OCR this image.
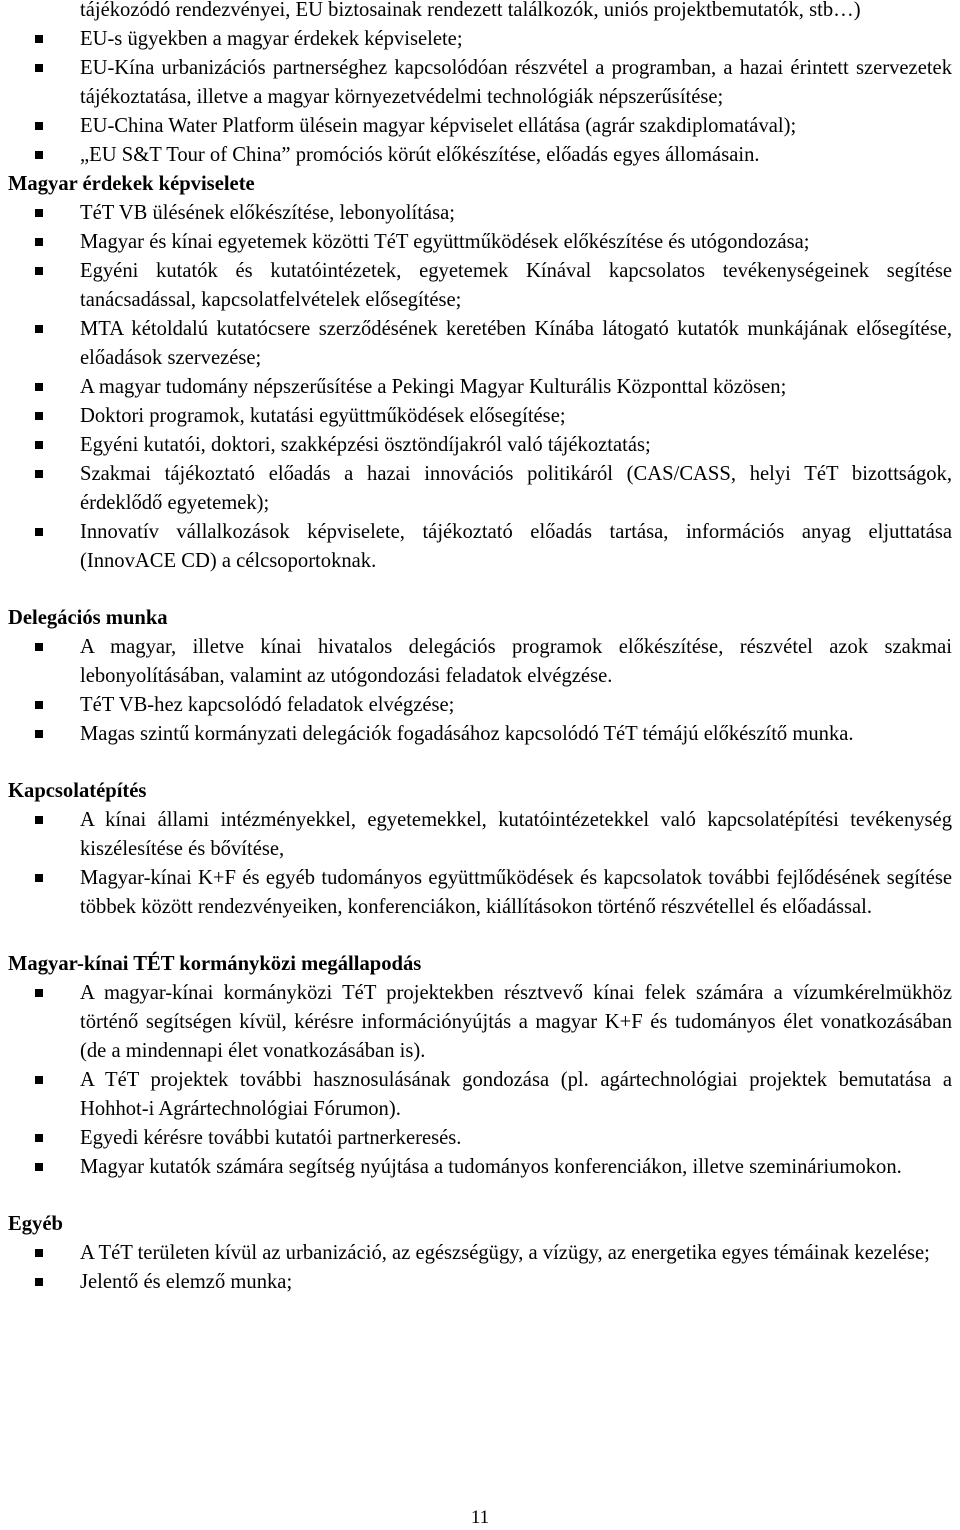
tájékozódó rendezvényei, EU biztosainak rendezett találkozók, uniós projektbemutatók, stb…)
EU-s ügyekben a magyar érdekek képviselete;
EU-Kína urbanizációs partnerséghez kapcsolódóan részvétel a programban, a hazai érintett szervezetek tájékoztatása, illetve a magyar környezetvédelmi technológiák népszerűsítése;
EU-China Water Platform ülésein magyar képviselet ellátása (agrár szakdiplomatával);
„EU S&T Tour of China” promóciós körút előkészítése, előadás egyes állomásain.
Magyar érdekek képviselete
TéT VB ülésének előkészítése, lebonyolítása;
Magyar és kínai egyetemek közötti TéT együttműködések előkészítése és utógondozása;
Egyéni kutatók és kutatóintézetek, egyetemek Kínával kapcsolatos tevékenységeinek segítése tanácsadással, kapcsolatfelvételek elősegítése;
MTA kétoldalú kutatócsere szerződésének keretében Kínába látogató kutatók munkájának elősegítése, előadások szervezése;
A magyar tudomány népszerűsítése a Pekingi Magyar Kulturális Központtal közösen;
Doktori programok, kutatási együttműködések elősegítése;
Egyéni kutatói, doktori, szakképzési ösztöndíjakról való tájékoztatás;
Szakmai tájékoztató előadás a hazai innovációs politikáról (CAS/CASS, helyi TéT bizottságok, érdeklődő egyetemek);
Innovatív vállalkozások képviselete, tájékoztató előadás tartása, információs anyag eljuttatása (InnovACE CD) a célcsoportoknak.
Delegációs munka
A magyar, illetve kínai hivatalos delegációs programok előkészítése, részvétel azok szakmai lebonyolításában, valamint az utógondozási feladatok elvégzése.
TéT VB-hez kapcsolódó feladatok elvégzése;
Magas szintű kormányzati delegációk fogadásához kapcsolódó TéT témájú előkészítő munka.
Kapcsolatépítés
A kínai állami intézményekkel, egyetemekkel, kutatóintézetekkel való kapcsolatépítési tevékenység kiszélesítése és bővítése,
Magyar-kínai K+F és egyéb tudományos együttműködések és kapcsolatok további fejlődésének segítése többek között rendezvényeiken, konferenciákon, kiállításokon történő részvétellel és előadással.
Magyar-kínai TÉT kormányközi megállapodás
A magyar-kínai kormányközi TéT projektekben résztvevő kínai felek számára a vízumkérelmükhöz történő segítségen kívül, kérésre információnyújtás a magyar K+F és tudományos élet vonatkozásában (de a mindennapi élet vonatkozásában is).
A TéT projektek további hasznosulásának gondozása (pl. agártechnológiai projektek bemutatása a Hohhot-i Agrártechnológiai Fórumon).
Egyedi kérésre további kutatói partnerkeresés.
Magyar kutatók számára segítség nyújtása a tudományos konferenciákon, illetve szemináriumokon.
Egyéb
A TéT területen kívül az urbanizáció, az egészségügy, a vízügy, az energetika egyes témáinak kezelése;
Jelentő és elemző munka;
11
